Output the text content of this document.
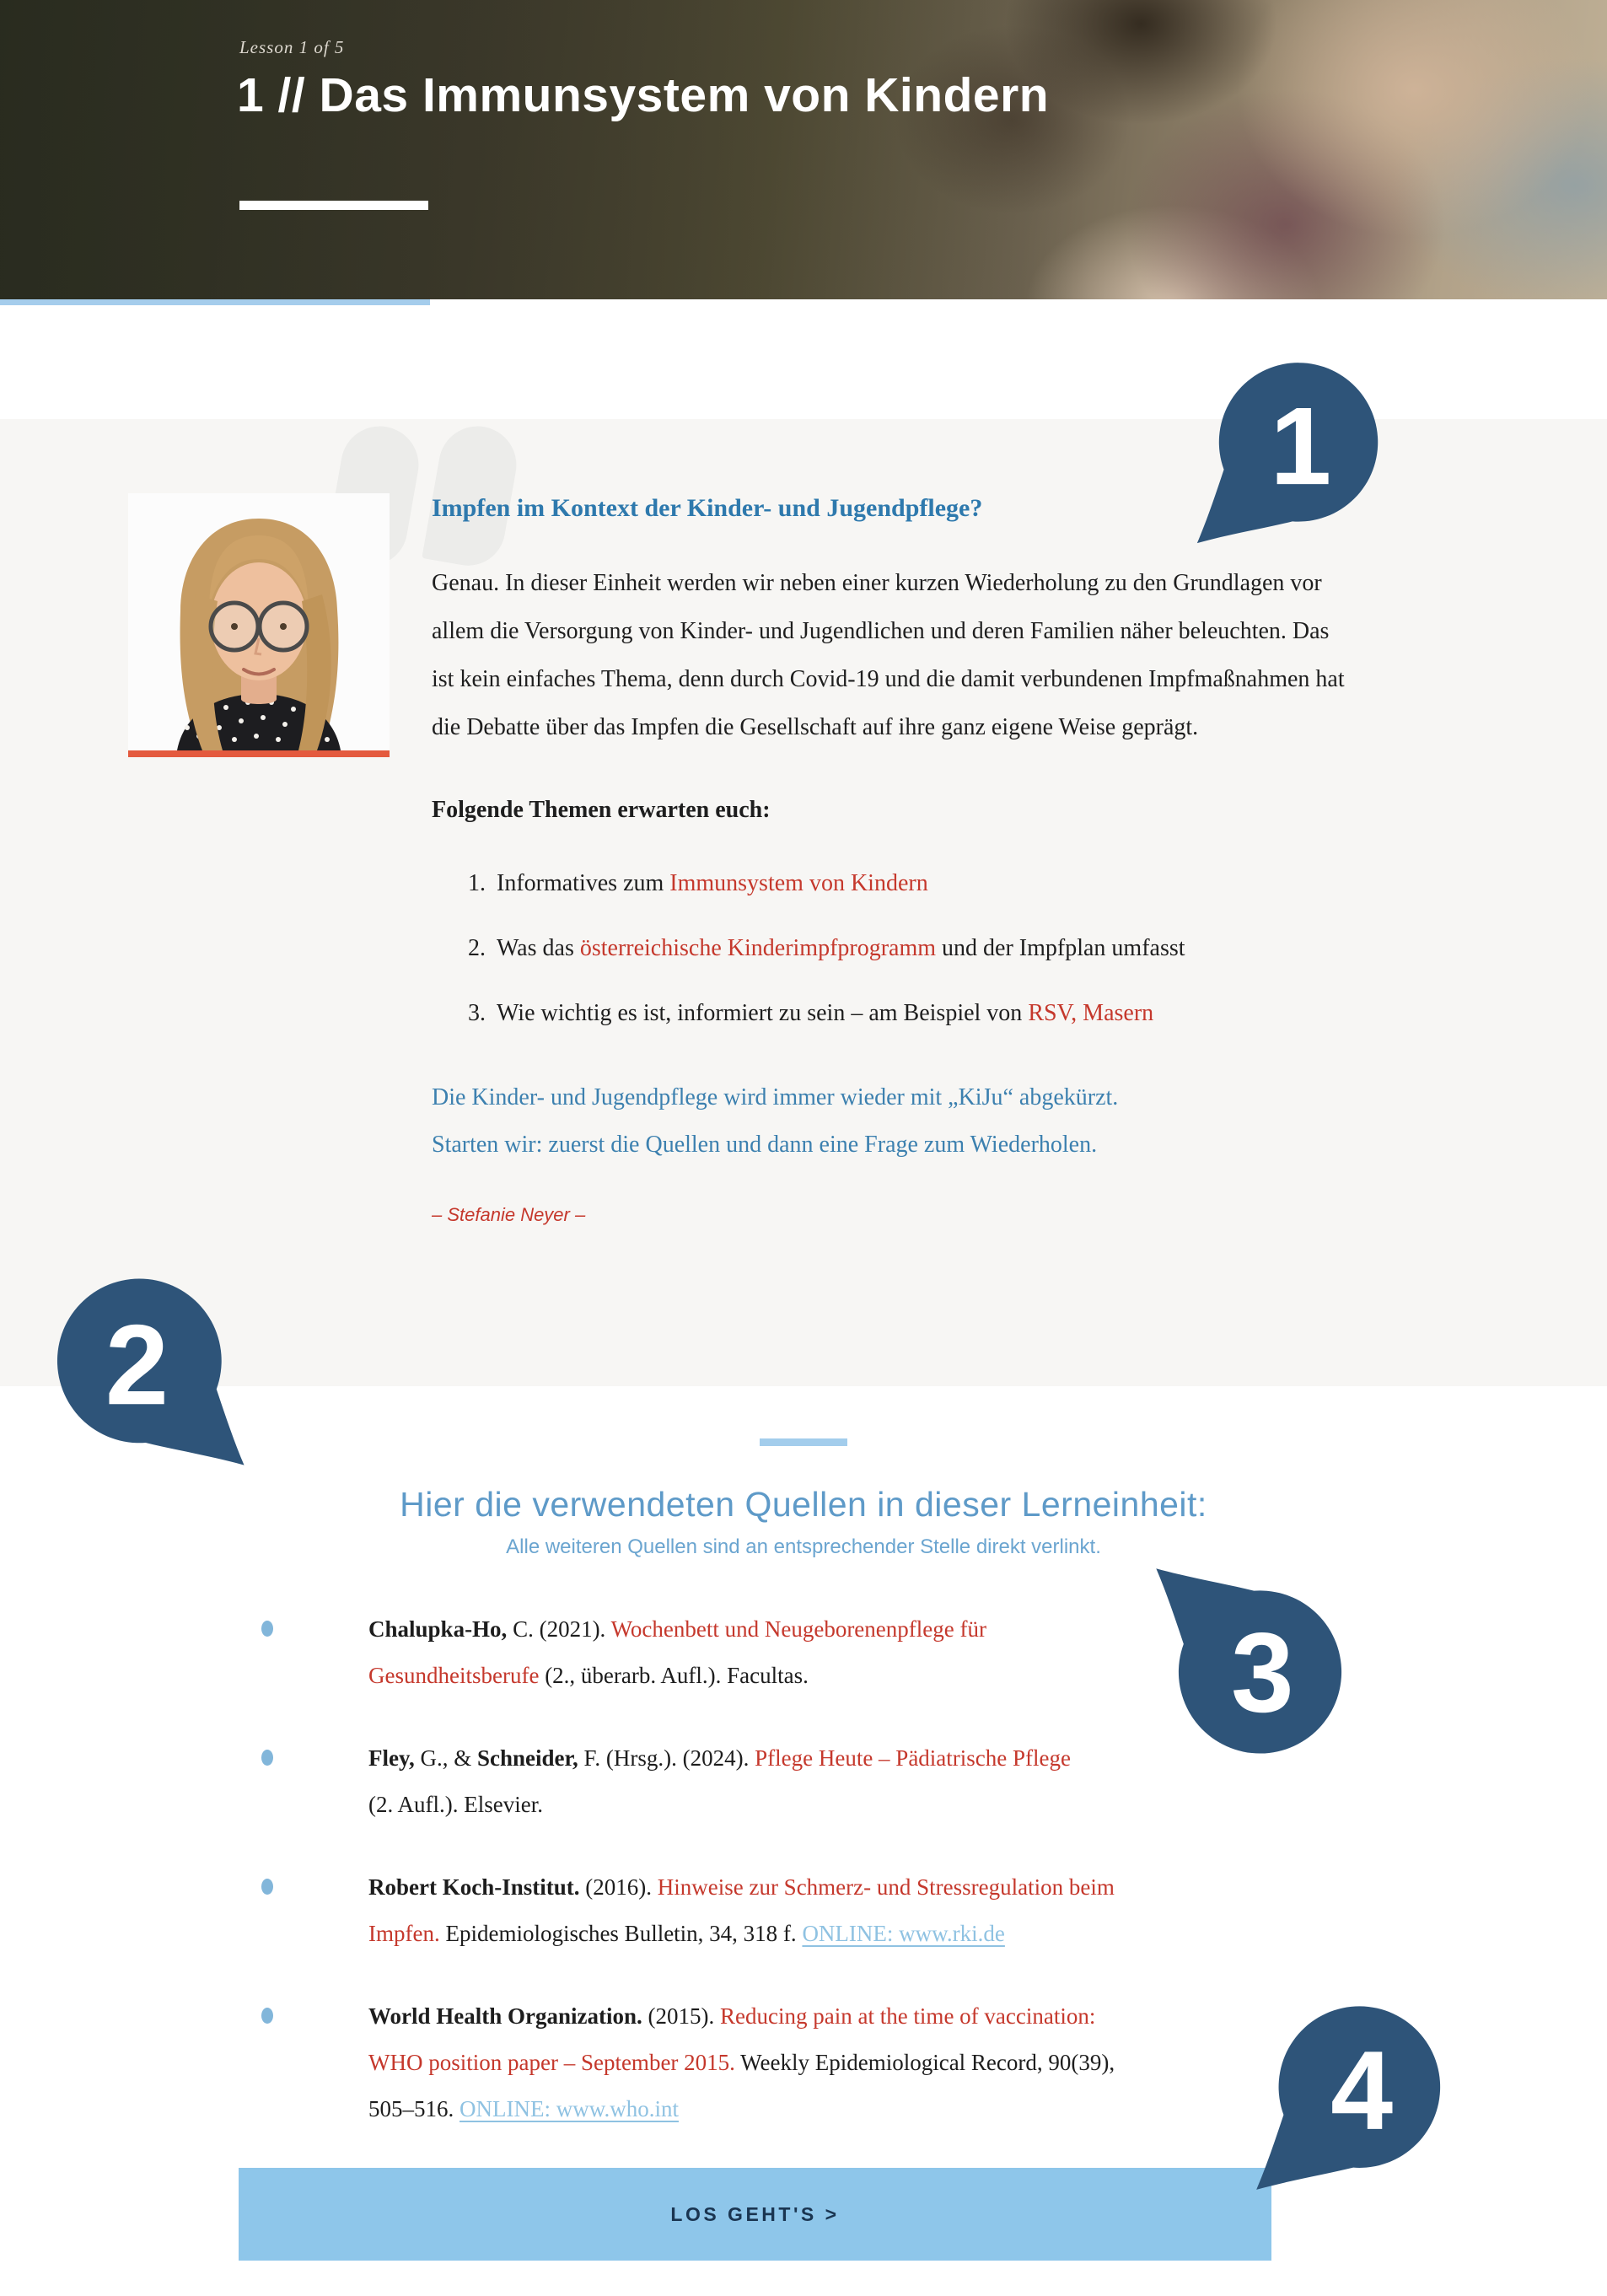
Lesson 1 of 5
1 // Das Immunsystem von Kindern
Impfen im Kontext der Kinder- und Jugendpflege?

Genau. In dieser Einheit werden wir neben einer kurzen Wiederholung zu den Grundlagen vor allem die Versorgung von Kinder- und Jugendlichen und deren Familien näher beleuchten. Das ist kein einfaches Thema, denn durch Covid-19 und die damit verbundenen Impfmaßnahmen hat die Debatte über das Impfen die Gesellschaft auf ihre ganz eigene Weise geprägt.

Folgende Themen erwarten euch:

1. Informatives zum Immunsystem von Kindern
2. Was das österreichische Kinderimpfprogramm und der Impfplan umfasst
3. Wie wichtig es ist, informiert zu sein – am Beispiel von RSV, Masern

Die Kinder- und Jugendpflege wird immer wieder mit „KiJu“ abgekürzt.
Starten wir: zuerst die Quellen und dann eine Frage zum Wiederholen.

– Stefanie Neyer –

Hier die verwendeten Quellen in dieser Lerneinheit:

Alle weiteren Quellen sind an entsprechender Stelle direkt verlinkt.

Chalupka-Ho, C. (2021). Wochenbett und Neugeborenenpflege für
Gesundheitsberufe (2., überarb. Aufl.). Facultas.

Fley, G., & Schneider, F. (Hrsg.). (2024). Pflege Heute – Pädiatrische Pflege
(2. Aufl.). Elsevier.

Robert Koch-Institut. (2016). Hinweise zur Schmerz- und Stressregulation beim
Impfen. Epidemiologisches Bulletin, 34, 318 f. ONLINE: www.rki.de

World Health Organization. (2015). Reducing pain at the time of vaccination:
WHO position paper – September 2015. Weekly Epidemiological Record, 90(39),
505–516. ONLINE: www.who.int

LOS GEHT'S >
1
2
3
4
